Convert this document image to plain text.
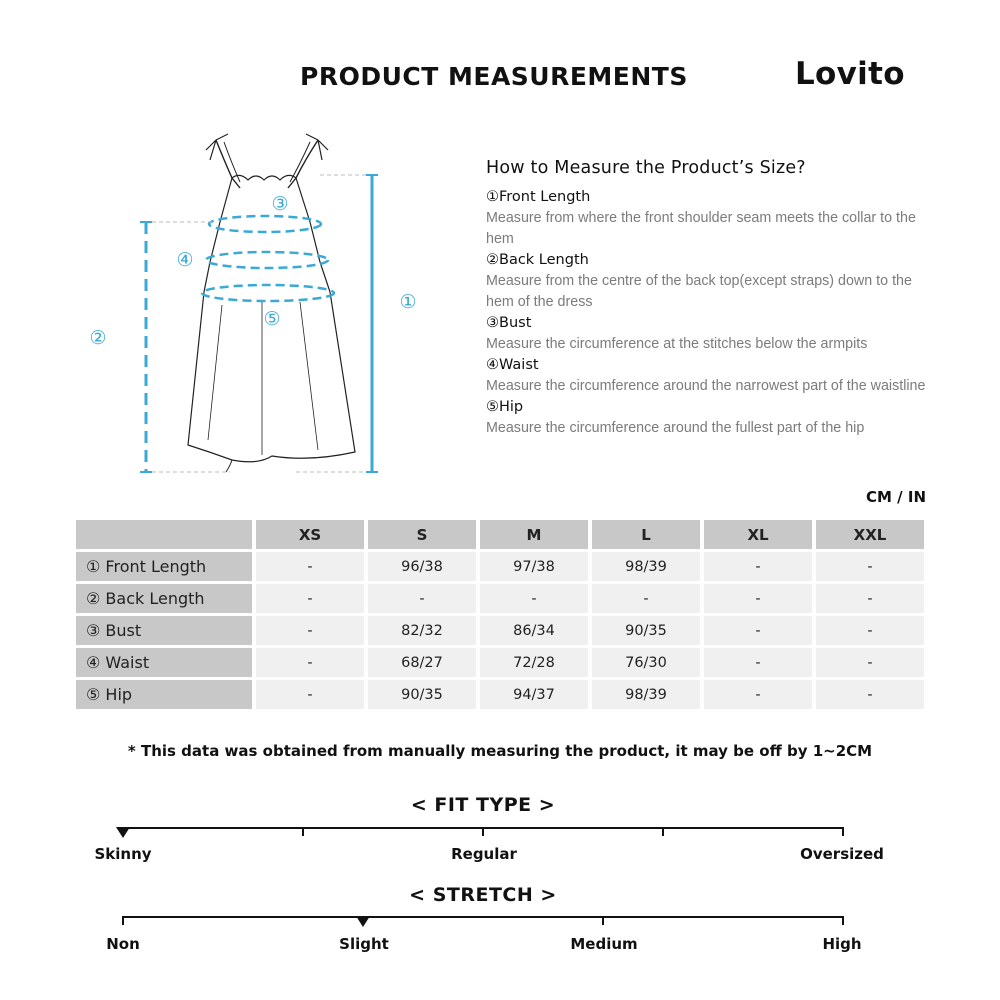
PRODUCT MEASUREMENTS	Lovito
①
②
③
④
⑤
How to Measure the Product’s Size?
①Front Length
Measure from where the front shoulder seam meets the collar to the hem
②Back Length
Measure from the centre of the back top(except straps) down to the hem of the dress
③Bust
Measure the circumference at the stitches below the armpits
④Waist
Measure the circumference around the narrowest part of the waistline
⑤Hip
Measure the circumference around the fullest part of the hip
CM / IN
	XS	S	M	L	XL	XXL
① Front Length	-	96/38	97/38	98/39	-	-
② Back Length	-	-	-	-	-	-
③ Bust	-	82/32	86/34	90/35	-	-
④ Waist	-	68/27	72/28	76/30	-	-
⑤ Hip	-	90/35	94/37	98/39	-	-
* This data was obtained from manually measuring the product, it may be off by 1~2CM
< FIT TYPE >
Skinny	Regular	Oversized
< STRETCH >
Non	Slight	Medium	High
